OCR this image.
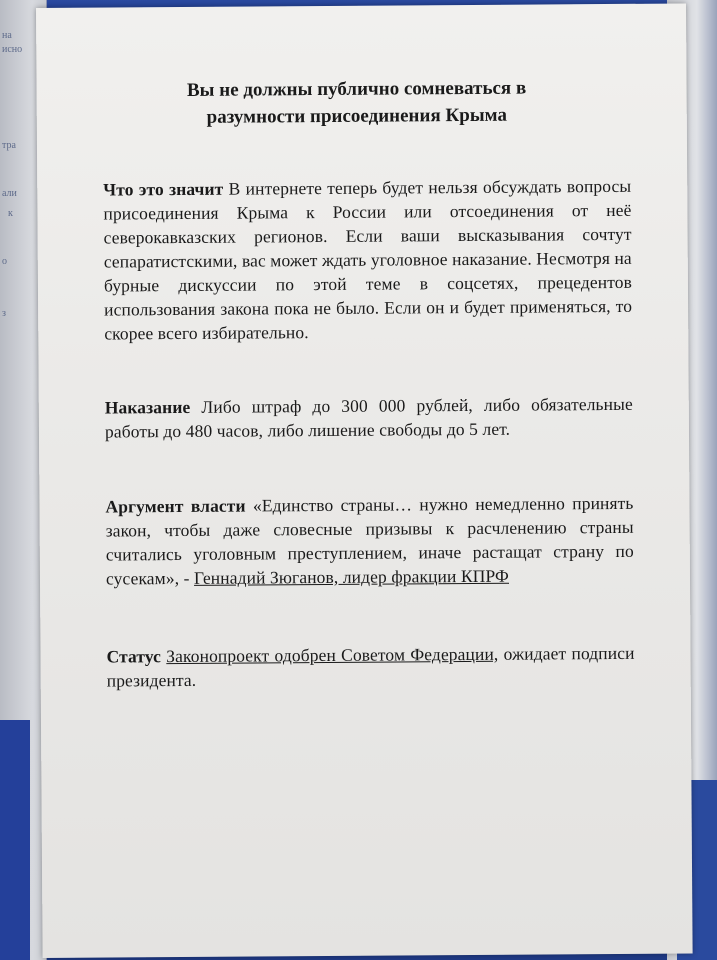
на
исно
тра
али
к
о
з
Вы не должны публично сомневаться в
разумности присоединения Крыма
Что это значит В интернете теперь будет нельзя обсуждать вопросы присоединения Крыма к России или отсоединения от неё северокавказских регионов. Если ваши высказывания сочтут сепаратистскими, вас может ждать уголовное наказание. Несмотря на бурные дискуссии по этой теме в соцсетях, прецедентов использования закона пока не было. Если он и будет применяться, то скорее всего избирательно.
Наказание Либо штраф до 300 000 рублей, либо обязательные работы до 480 часов, либо лишение свободы до 5 лет.
Аргумент власти «Единство страны… нужно немедленно принять закон, чтобы даже словесные призывы к расчленению страны считались уголовным преступлением, иначе растащат страну по сусекам», - Геннадий Зюганов, лидер фракции КПРФ
Статус Законопроект одобрен Советом Федерации, ожидает подписи президента.
